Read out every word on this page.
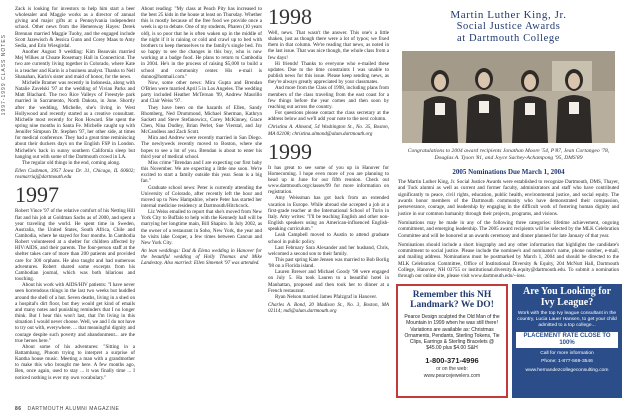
1997-1999 CLASS NOTES

Zack is looking for investors to help him start a beer wholesaler and Maggie works as a director of annual giving and major gifts at a Pennsylvania independent school. Other news from the Hemenway Hayes: Derek Brennan married Maggie Tuohy, and the engaged include Scott Jazewisch & Jessica Gunn and Corey Maas to Amy Sedia, and Erin Wiesgirdal.

Another August 9 wedding: Kim Beauvais married Mej Wilkes at Choate Rosemary Hall in Connecticut. The two are currently living together in Colorado, where Kate is a teacher and Karin is a business analyst. Thanks to Nell Shanahan, Karin's sister and maid of honor, for the news.

Michelle Bramer was recently in Indonesia, along with Natalie Zavelski '97 at the wedding of Vivian Parks and Matt Blachard. The two Rice Valleys of Freestyle park married in Sacramento, North Dakota, in June. Shortly after the wedding, Michelle, she's living in West Hollywood and recently started as a creative consultant. Michelle most recently for Ron Howard. She spent the spring nine months in Santa Fe. Michelle caught up with Jennifer Simpson Dr. Stephen '97, her other side, at times for medical conference. They had a great time reminiscing about their duckers days on the English FSP in London. Michelle's back in sunny southern California sleep but hanging out with some of the Dartmouth crowd in LA.

The regular old things in the end, coming along.

Ellen Cushman, 3957 Iowa Dr. 31, Chicago, IL 60602; rosmarriaj@dartmouth.edu
1997

Robert Vince '97 of the relative comfort of his Netting Hill flat and his job at Goldman Sachs as of 2000, and spent a year traveling the world. He spent time in Sweden, Australia, the United States, South Africa, Chile and Cambodia, where he stayed for four months. In Cambodia Robert volunteered at a shelter for children affected by HIV/AIDS, and their parents. The four-person staff at the shelter takes care of more than 200 patients and provided care for 300 orphans. He also taught and had numerous adventures. Robert shared some excerpts from his Cambodian journal, which was both hilarious and touching.

About his work with AIDS/HIV patients: "I have never seen horrendous things in the last two weeks but huddled around the shell of a hut. Seven deaths, living in a shed on a hospital's dirt floor, but they would get kind of emails and many notes and punishing reminders that I no longer think. But I hear this won't last, that I'm living in this situation I would never choose. Well, we and I do not have to try out with, everywhere. ... that meaningful dignity and courage despite such poverty and abandonment... are the true heroes here."

About some of his adventures: "Sitting in a Battambang, Phnom trying to interpret a surprise of Kantha house music. Meeting a man with a grandmother to make this who brought me here. A few months ago, Ben, once again, used to stay ... it was finally time ... I noticed nothing is ever my own vocabulary."

About reading: "My class at Peach Pity has increased to the best 25 kids in the house at least on Thursday. Whether this is mostly because of the free food we provide once a week is up to debate. One of my students, Pharen (10 years old), is so poor that he is often waken up in the middle of the night if it is raining or cold and crawl up to bed with brothers to keep themselves to the family's single bed. I'm so happy to see the changes in this boy, who is now working at a badge food. He plans to return to Cambodia in 2004. He's in the process of raising $5,000 to build a school and community center. His e-mail is dunno@hotmail.com."

Now, some other news: Mira Gupta and Brendan O'Brien were married April 5 in Los Angeles. The wedding party included Heather McTernan '99, Andrew Maurillo and Clair Weiss '97.

They have been on the hazards of Ellen, Sandy Rhomberg, Ned Drummond, Michael Sherman, Kathryn Sackett and Steve Stefanowicz, Corey McKinney, Grace Chen, Nina Dudley, Brian Perlet, Sue Vierstal, and Jay McCandless and Zach Scott.

Mira and Andrew were recently married in San Diego. The newlyweds recently moved to Boston, where she hopes to see a lot of you. Brendan is about to enter his third year of medical school.

Miss crime "Brendan and I are expecting our first baby this November. We are expecting a little one soon. We're excited to start a family outside this year. Sean is a big fan."

Graduate school news: Peter is currently attending the University of Colorado, after recently left the hour and moved up to New Hampshire, where Peter has started her internal medicine residency at Dartmouth/Hitchcock.

Liz Weiss emailed to report that she's moved from New York City to Buffalo to help with the Kennedy hall will be marrying her longtime main, Bill Shapiro. In July 2002, as the owner of a restaurant in Soho, New York, the year and he visits lake Cooper, a few times between Cancun and New York City.

An lean weddings: Dad & Elena wedding in Hanover for the beautiful wedding of Holly Thomas and Mike Landestoy. Also married: Ellen Simenek '97 was attended.
1998

Well, news. That wasn't the answer. This one's a little shaken, just as though there were a lot of typos; we fixed them in that column. We're reading that news, as noted in the last issue. That was nice though, the whole class from a few days!

Hi friends! Thanks to everyone who e-mailed these updates. Due to the time constraints I was unable to publish news for this issue. Please keep sending news, as they're always greatly appreciated by your classmates.

And more from the Class of 1998, including plans from members of the class traveling from the east coast for a few things before the year comes and then soon by reaching out across the country.

For questions please contact the class secretary at the address below and we'll add your note to the next column.

Christina A. Almond, 54 Washington St., No. 35, Boston, MA 02108; christina.almond@alum.dartmouth.org
1999

It has great to see some of you up in Hanover for Homecoming. I hope even more of you are planning to head up in June for our fifth reunion. Check out www.dartmouth.org/classes/99 for more information on registration.

Amy Weissman has got back from an extended vacation in Europe. While abroad she accepted a job at a first-grade teacher at the International School of Turin in Italy. Amy writes: "I'll be teaching English and other non-English speakers using an American-influenced English-speaking curriculum."

Leah Campbell moved to Austin to attend graduate school in public policy.

Last February Sara Alexander and her husband, Chris, welcomed a second son to their family.

This past spring Kate Jensen was married to Bob Borlig '98 on a Florida island.

Lauren Brewer and Michael Goody '98 were engaged on July 5. Ha took Lauren to a beautiful hotel in Manhattan, proposed and then took her to dinner at a French restaurant.

Ryan Nelson married James Pfalzgraf in Hanover.

Charles A. Bond, 20 Madison St., No. 3, Boston, MA 02114; mdi@alum.dartmouth.org
Martin Luther King, Jr.
Social Justice Awards
at Dartmouth College
Congratulations to 2004 award recipients Jonathan Moore '54, P'87, Jean Cortangeo '78, Douglas A. Tyson '81, and Joyce Sachey-Achampong '95, DMS'89
2005 Nominations Due March 1, 2004

The Martin Luther King, Jr. Social Justice Awards were established to recognize Dartmouth, DMS, Thayer, and Tuck alumni as well as current and former faculty, administrators and staff who have contributed significantly to peace, civil rights, education, public health, environmental justice, and social equity. The awards honor members of the Dartmouth community who have demonstrated their compassion, perseverance, courage, and leadership by engaging in the difficult work of fostering human dignity and justice in our common humanity through their projects, programs, and visions.

Nominations may be made in any of the following three categories: lifetime achievement, ongoing commitment, and emerging leadership. The 2005 award recipients will be selected by the MLK Celebration Committee and will be honored at an awards ceremony and dinner planned for late January of that year.

Nominations should include a short biography and any other information that highlights the candidate's commitment to social justice. Please include the nominee's and nominator's name, phone number, e-mail, and mailing address. Nominations must be postmarked by March 1, 2004 and should be directed to the MLK Celebration Committee, Office of Institutional Diversity & Equity, 204 McNutt Hall, Dartmouth College, Hanover, NH 03755 or institutional.diversity.&.equity@dartmouth.edu. To submit a nomination through our online site, please visit www.dartmouth.edu/~ioss.

Remember this NH Landmark? We DO!
Pearce Design sculpted the Old Man of the Mountain in 1999 when he was still there! Variations are available as: Christmas Ornaments, Pendants, Sterling Tokens, Tie Clips, Earrings & Sterling Bracelets @ $45.00 plus $4.00 S&H
1-800-371-4996
or on the web:
www.pearcejewelers.com
Are You Looking for Ivy League?
Work with the top Ivy league consultant in the country, Lucia Lauer Hansen, to get your child admitted to a top college...
PLACEMENT RATE CLOSE TO 100%
Call for more information
Phone: 1-877-569-3546
www.hernandezcollegeconsulting.com
86 DARTMOUTH ALUMNI MAGAZINE
